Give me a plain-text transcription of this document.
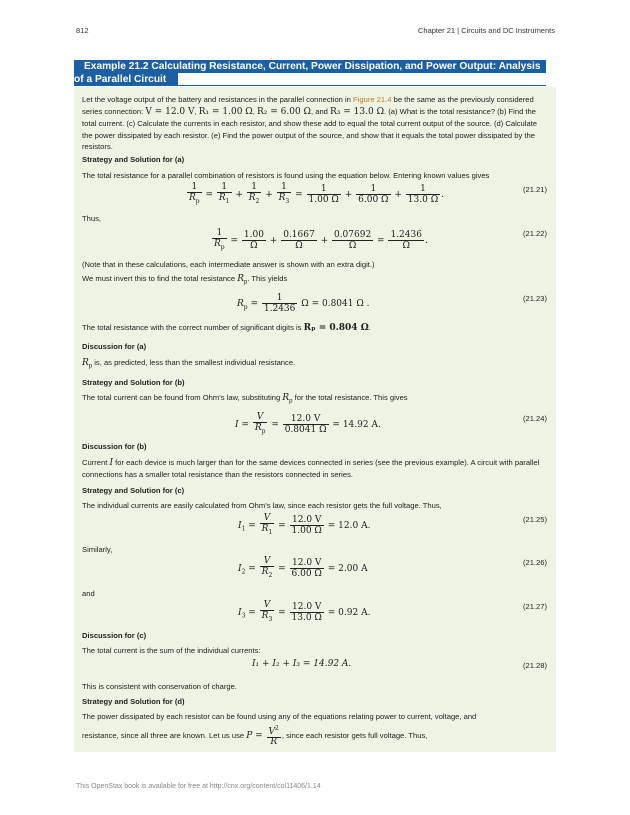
812	Chapter 21 | Circuits and DC Instruments
Example 21.2 Calculating Resistance, Current, Power Dissipation, and Power Output: Analysis
of a Parallel Circuit
Let the voltage output of the battery and resistances in the parallel connection in Figure 21.4 be the same as the previously considered series connection: V = 12.0 V, R₁ = 1.00 Ω, R₂ = 6.00 Ω, and R₃ = 13.0 Ω. (a) What is the total resistance? (b) Find the total current. (c) Calculate the currents in each resistor, and show these add to equal the total current output of the source. (d) Calculate the power dissipated by each resistor. (e) Find the power output of the source, and show that it equals the total power dissipated by the resistors.
Strategy and Solution for (a)
The total resistance for a parallel combination of resistors is found using the equation below. Entering known values gives
$\frac{1}{R_p} = \frac{1}{R_1} + \frac{1}{R_2} + \frac{1}{R_3} = \frac{1}{1.00 \Omega} + \frac{1}{6.00 \Omega} + \frac{1}{13.0 \Omega}$ .
(21.21)
Thus,
$\frac{1}{R_p} = \frac{1.00}{\Omega} + \frac{0.1667}{\Omega} + \frac{0.07692}{\Omega} = \frac{1.2436}{\Omega}$ .
(21.22)
(Note that in these calculations, each intermediate answer is shown with an extra digit.)
We must invert this to find the total resistance $R_p$. This yields
$R_p = \frac{1}{1.2436}$ Ω = 0.8041 Ω .
(21.23)
The total resistance with the correct number of significant digits is Rₚ = 0.804 Ω.
Discussion for (a)
$R_p$ is, as predicted, less than the smallest individual resistance.
Strategy and Solution for (b)
The total current can be found from Ohm’s law, substituting $R_p$ for the total resistance. This gives
$I = \frac{V}{R_p} = \frac{12.0 V}{0.8041 \Omega} = 14.92$ A.
(21.24)
Discussion for (b)
Current I for each device is much larger than for the same devices connected in series (see the previous example). A circuit with parallel connections has a smaller total resistance than the resistors connected in series.
Strategy and Solution for (c)
The individual currents are easily calculated from Ohm’s law, since each resistor gets the full voltage. Thus,
$I_1 = \frac{V}{R_1} = \frac{12.0 V}{1.00 \Omega} = 12.0$ A.
(21.25)
Similarly,
$I_2 = \frac{V}{R_2} = \frac{12.0 V}{6.00 \Omega} = 2.00$ A
(21.26)
and
$I_3 = \frac{V}{R_3} = \frac{12.0 V}{13.0 \Omega} = 0.92$ A.
(21.27)
Discussion for (c)
The total current is the sum of the individual currents:
I₁ + I₂ + I₃ = 14.92 A.	(21.28)
This is consistent with conservation of charge.
Strategy and Solution for (d)
The power dissipated by each resistor can be found using any of the equations relating power to current, voltage, and
resistance, since all three are known. Let us use $P = \frac{V^2}{R}$ , since each resistor gets full voltage. Thus,
This OpenStax book is available for free at http://cnx.org/content/col11406/1.14
